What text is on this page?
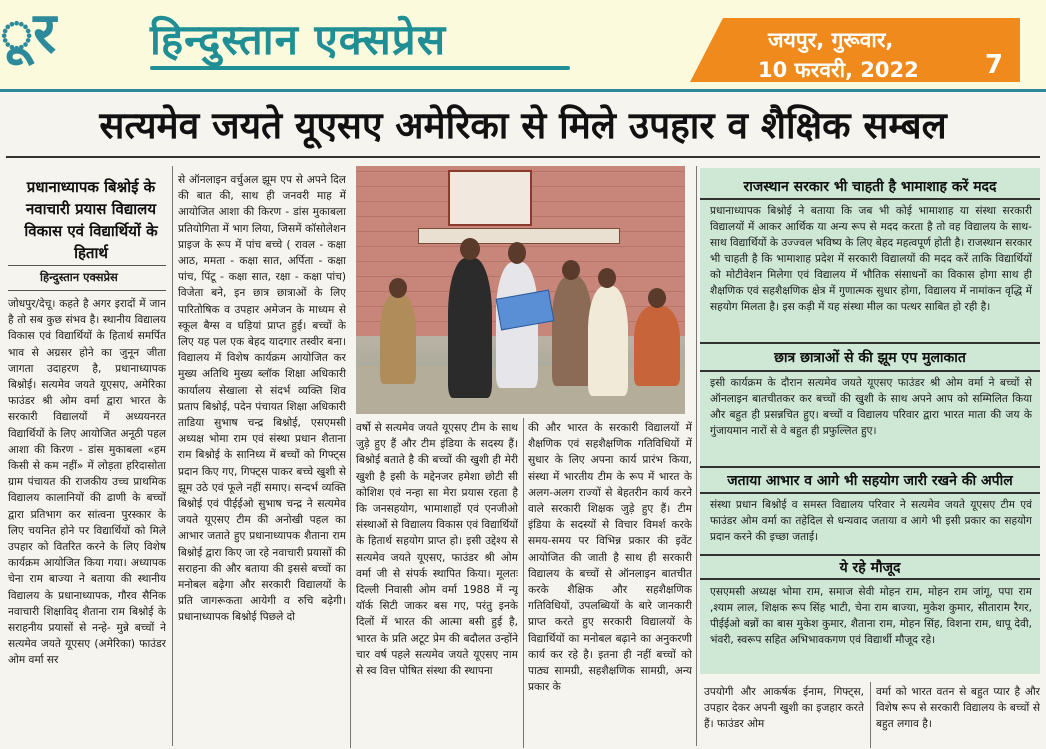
ूर हिन्दुस्तान एक्सप्रेस	जयपुर, गुरूवार,
10 फरवरी, 2022	7
सत्यमेव जयते यूएसए अमेरिका से मिले उपहार व शैक्षिक सम्बल
प्रधानाध्यापक बिश्नोई के नवाचारी प्रयास विद्यालय विकास एवं विद्यार्थियों के हितार्थ
हिन्दुस्तान एक्सप्रेस

जोधपुर/देचू। कहते है अगर इरादों में जान है तो सब कुछ संभव है। स्थानीय विद्यालय विकास एवं विद्यार्थियों के हितार्थ समर्पित भाव से अग्रसर होने का जुनून जीता जागता उदाहरण है, प्रधानाध्यापक बिश्नोई। सत्यमेव जयते यूएसए, अमेरिका फाउंडर श्री ओम वर्मा द्वारा भारत के सरकारी विद्यालयों में अध्ययनरत विद्यार्थियों के लिए आयोजित अनूठी पहल आशा की किरण - डांस मुकाबला «हम किसी से कम नहीं» में लोड़ता हरिदासोता ग्राम पंचायत की राजकीय उच्च प्राथमिक विद्यालय कालानियों की ढाणी के बच्चों द्वारा प्रतिभाग कर सांत्वना पुरस्कार के लिए चयनित होने पर विद्यार्थियों को मिले उपहार को वितरित करने के लिए विशेष कार्यक्रम आयोजित किया गया। अध्यापक चेना राम बाज्या ने बताया की स्थानीय विद्यालय के प्रधानाध्यापक, गौरव सैनिक नवाचारी शिक्षाविद् शैताना राम बिश्नोई के सराहनीय प्रयासों से नन्हे- मुन्ने बच्चों ने सत्यमेव जयते यूएसए (अमेरिका) फाउंडर ओम वर्मा सर

से ऑनलाइन वर्चुअल झूम एप से अपने दिल की बात की, साथ ही जनवरी माह में आयोजित आशा की किरण - डांस मुकाबला प्रतियोगिता में भाग लिया, जिसमें कॉसोलेशन प्राइज के रूप में पांच बच्चे ( रावल - कक्षा आठ, ममता - कक्षा सात, अर्पिता - कक्षा पांच, पिंटू - कक्षा सात, रक्षा - कक्षा पांच) विजेता बने, इन छात्र छात्राओं के लिए पारितोषिक व उपहार अमेजन के माध्यम से स्कूल बैग्स व घड़ियां प्राप्त हुई। बच्चों के लिए यह पल एक बेहद यादगार तस्वीर बना। विद्यालय में विशेष कार्यक्रम आयोजित कर मुख्य अतिथि मुख्य ब्लॉक शिक्षा अधिकारी कार्यालय सेखाला से संदर्भ व्यक्ति शिव प्रताप बिश्नोई, पदेन पंचायत शिक्षा अधिकारी ताडिया सुभाष चन्द्र बिश्नोई, एसएमसी अध्यक्ष भोमा राम एवं संस्था प्रधान शैताना राम बिश्नोई के सानिध्य में बच्चों को गिफ्ट्स प्रदान किए गए, गिफ्ट्स पाकर बच्चे खुशी से झूम उठे एवं फूले नहीं समाए। सन्दर्भ व्यक्ति बिश्नोई एवं पीईईओ सुभाष चन्द्र ने सत्यमेव जयते यूएसए टीम की अनोखी पहल का आभार जताते हुए प्रधानाध्यापक शैताना राम बिश्नोई द्वारा किए जा रहे नवाचारी प्रयासों की सराहना की और बताया की इससे बच्चों का मनोबल बढ़ेगा और सरकारी विद्यालयों के प्रति जागरूकता आयेगी व रुचि बढ़ेगी। प्रधानाध्यापक बिश्नोई पिछले दो

वर्षो से सत्यमेव जयते यूएसए टीम के साथ जुड़े हुए हैं और टीम इंडिया के सदस्य हैं। बिश्नोई बताते है की बच्चों की खुशी ही मेरी खुशी है इसी के मद्देनजर हमेशा छोटी सी कोशिश एवं नन्हा सा मेरा प्रयास रहता है कि जनसहयोग, भामाशाहों एवं एनजीओ संस्थाओं से विद्यालय विकास एवं विद्यार्थियों के हितार्थ सहयोग प्राप्त हो। इसी उद्देश्य से सत्यमेव जयते यूएसए, फाउंडर श्री ओम वर्मा जी से संपर्क स्थापित किया। मूलतः दिल्ली निवासी ओम वर्मा 1988 में न्यू यॉर्क सिटी जाकर बस गए, परंतु इनके दिलों में भारत की आत्मा बसी हुई है, भारत के प्रति अटूट प्रेम की बदौलत उन्होंने चार वर्ष पहले सत्यमेव जयते यूएसए नाम से स्व वित्त पोषित संस्था की स्थापना

की और भारत के सरकारी विद्यालयों में शैक्षणिक एवं सहशैक्षणिक गतिविधियों में सुधार के लिए अपना कार्य प्रारंभ किया, संस्था में भारतीय टीम के रूप में भारत के अलग-अलग राज्यों से बेहतरीन कार्य करने वाले सरकारी शिक्षक जुड़े हुए हैं। टीम इंडिया के सदस्यों से विचार विमर्श करके समय-समय पर विभिन्न प्रकार की इवेंट आयोजित की जाती है साथ ही सरकारी विद्यालय के बच्चों से ऑनलाइन बातचीत करके शैक्षिक और सहशैक्षणिक गतिविधियों, उपलब्धियों के बारे जानकारी प्राप्त करते हुए सरकारी विद्यालयों के विद्यार्थियों का मनोबल बढ़ाने का अनुकरणी कार्य कर रहे है। इतना ही नहीं बच्चों को पाठ्य सामग्री, सहशैक्षणिक सामग्री, अन्य प्रकार के

राजस्थान सरकार भी चाहती है भामाशाह करें मदद
प्रधानाध्यापक बिश्नोई ने बताया कि जब भी कोई भामाशाह या संस्था सरकारी विद्यालयों में आकर आर्थिक या अन्य रूप से मदद करता है तो वह विद्यालय के साथ-साथ विद्यार्थियों के उज्ज्वल भविष्य के लिए बेहद महत्वपूर्ण होती है। राजस्थान सरकार भी चाहती है कि भामाशाह प्रदेश में सरकारी विद्यालयों की मदद करें ताकि विद्यार्थियों को मोटीवेशन मिलेगा एवं विद्यालय में भौतिक संसाधनों का विकास होगा साथ ही शैक्षणिक एवं सहशैक्षणिक क्षेत्र में गुणात्मक सुधार होगा, विद्यालय में नामांकन वृद्धि में सहयोग मिलता है। इस कड़ी में यह संस्था मील का पत्थर साबित हो रही है।
छात्र छात्राओं से की झूम एप मुलाकात
इसी कार्यक्रम के दौरान सत्यमेव जयते यूएसए फाउंडर श्री ओम वर्मा ने बच्चों से ऑनलाइन बातचीतकर कर बच्चों की खुशी के साथ अपने आप को सम्मिलित किया और बहुत ही प्रसन्नचित हुए। बच्चों व विद्यालय परिवार द्वारा भारत माता की जय के गुंजायमान नारों से वे बहुत ही प्रफुल्लित हुए।
जताया आभार व आगे भी सहयोग जारी रखने की अपील
संस्था प्रधान बिश्नोई व समस्त विद्यालय परिवार ने सत्यमेव जयते यूएसए टीम एवं फाउंडर ओम वर्मा का तहेदिल से धन्यवाद जताया व आगे भी इसी प्रकार का सहयोग प्रदान करने की इच्छा जताई।
ये रहे मौजूद
एसएमसी अध्यक्ष भोमा राम, समाज सेवी मोहन राम, मोहन राम जांगू, पपा राम ,श्याम लाल, शिक्षक रूप सिंह भाटी, चेना राम बाज्या, मुकेश कुमार, सीताराम रैगर, पीईईओ बन्नों का बास मुकेश कुमार, शैताना राम, मोहन सिंह, विशना राम, धापू देवी, भंवरी, स्वरूप सहित अभिभावकगण एवं विद्यार्थी मौजूद रहे।

उपयोगी और आकर्षक ईनाम, गिफ्ट्स, उपहार देकर अपनी खुशी का इजहार करते हैं। फाउंडर ओम

वर्मा को भारत वतन से बहुत प्यार है और विशेष रूप से सरकारी विद्यालय के बच्चों से बहुत लगाव है।
